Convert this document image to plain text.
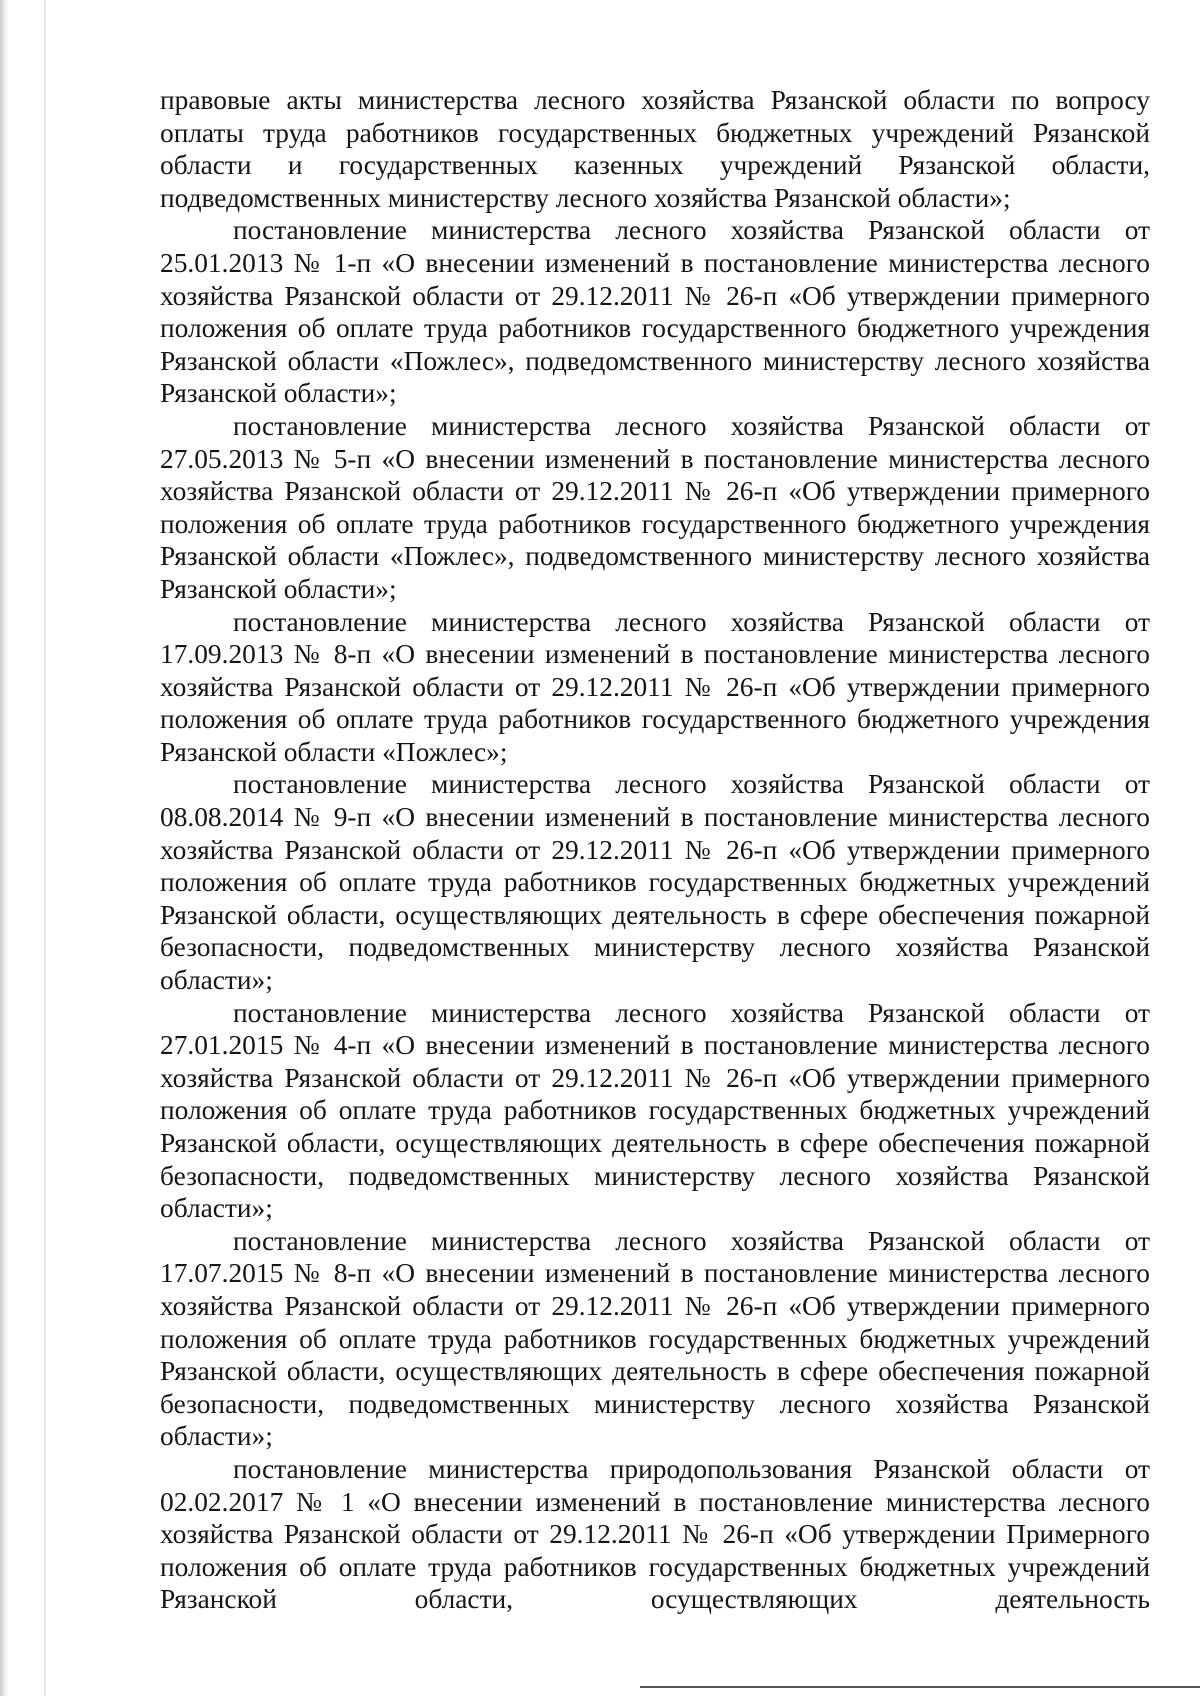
правовые акты министерства лесного хозяйства Рязанской области по вопросу оплаты труда работников государственных бюджетных учреждений Рязанской области и государственных казенных учреждений Рязанской области, подведомственных министерству лесного хозяйства Рязанской области»;

постановление министерства лесного хозяйства Рязанской области от 25.01.2013 № 1-п «О внесении изменений в постановление министерства лесного хозяйства Рязанской области от 29.12.2011 № 26-п «Об утверждении примерного положения об оплате труда работников государственного бюджетного учреждения Рязанской области «Пожлес», подведомственного министерству лесного хозяйства Рязанской области»;

постановление министерства лесного хозяйства Рязанской области от 27.05.2013 № 5-п «О внесении изменений в постановление министерства лесного хозяйства Рязанской области от 29.12.2011 № 26-п «Об утверждении примерного положения об оплате труда работников государственного бюджетного учреждения Рязанской области «Пожлес», подведомственного министерству лесного хозяйства Рязанской области»;

постановление министерства лесного хозяйства Рязанской области от 17.09.2013 № 8-п «О внесении изменений в постановление министерства лесного хозяйства Рязанской области от 29.12.2011 № 26-п «Об утверждении примерного положения об оплате труда работников государственного бюджетного учреждения Рязанской области «Пожлес»;

постановление министерства лесного хозяйства Рязанской области от 08.08.2014 № 9-п «О внесении изменений в постановление министерства лесного хозяйства Рязанской области от 29.12.2011 № 26-п «Об утверждении примерного положения об оплате труда работников государственных бюджетных учреждений Рязанской области, осуществляющих деятельность в сфере обеспечения пожарной безопасности, подведомственных министерству лесного хозяйства Рязанской области»;

постановление министерства лесного хозяйства Рязанской области от 27.01.2015 № 4-п «О внесении изменений в постановление министерства лесного хозяйства Рязанской области от 29.12.2011 № 26-п «Об утверждении примерного положения об оплате труда работников государственных бюджетных учреждений Рязанской области, осуществляющих деятельность в сфере обеспечения пожарной безопасности, подведомственных министерству лесного хозяйства Рязанской области»;

постановление министерства лесного хозяйства Рязанской области от 17.07.2015 № 8-п «О внесении изменений в постановление министерства лесного хозяйства Рязанской области от 29.12.2011 № 26-п «Об утверждении примерного положения об оплате труда работников государственных бюджетных учреждений Рязанской области, осуществляющих деятельность в сфере обеспечения пожарной безопасности, подведомственных министерству лесного хозяйства Рязанской области»;

постановление министерства природопользования Рязанской области от 02.02.2017 № 1 «О внесении изменений в постановление министерства лесного хозяйства Рязанской области от 29.12.2011 № 26-п «Об утверждении Примерного положения об оплате труда работников государственных бюджетных учреждений Рязанской области, осуществляющих деятельность
